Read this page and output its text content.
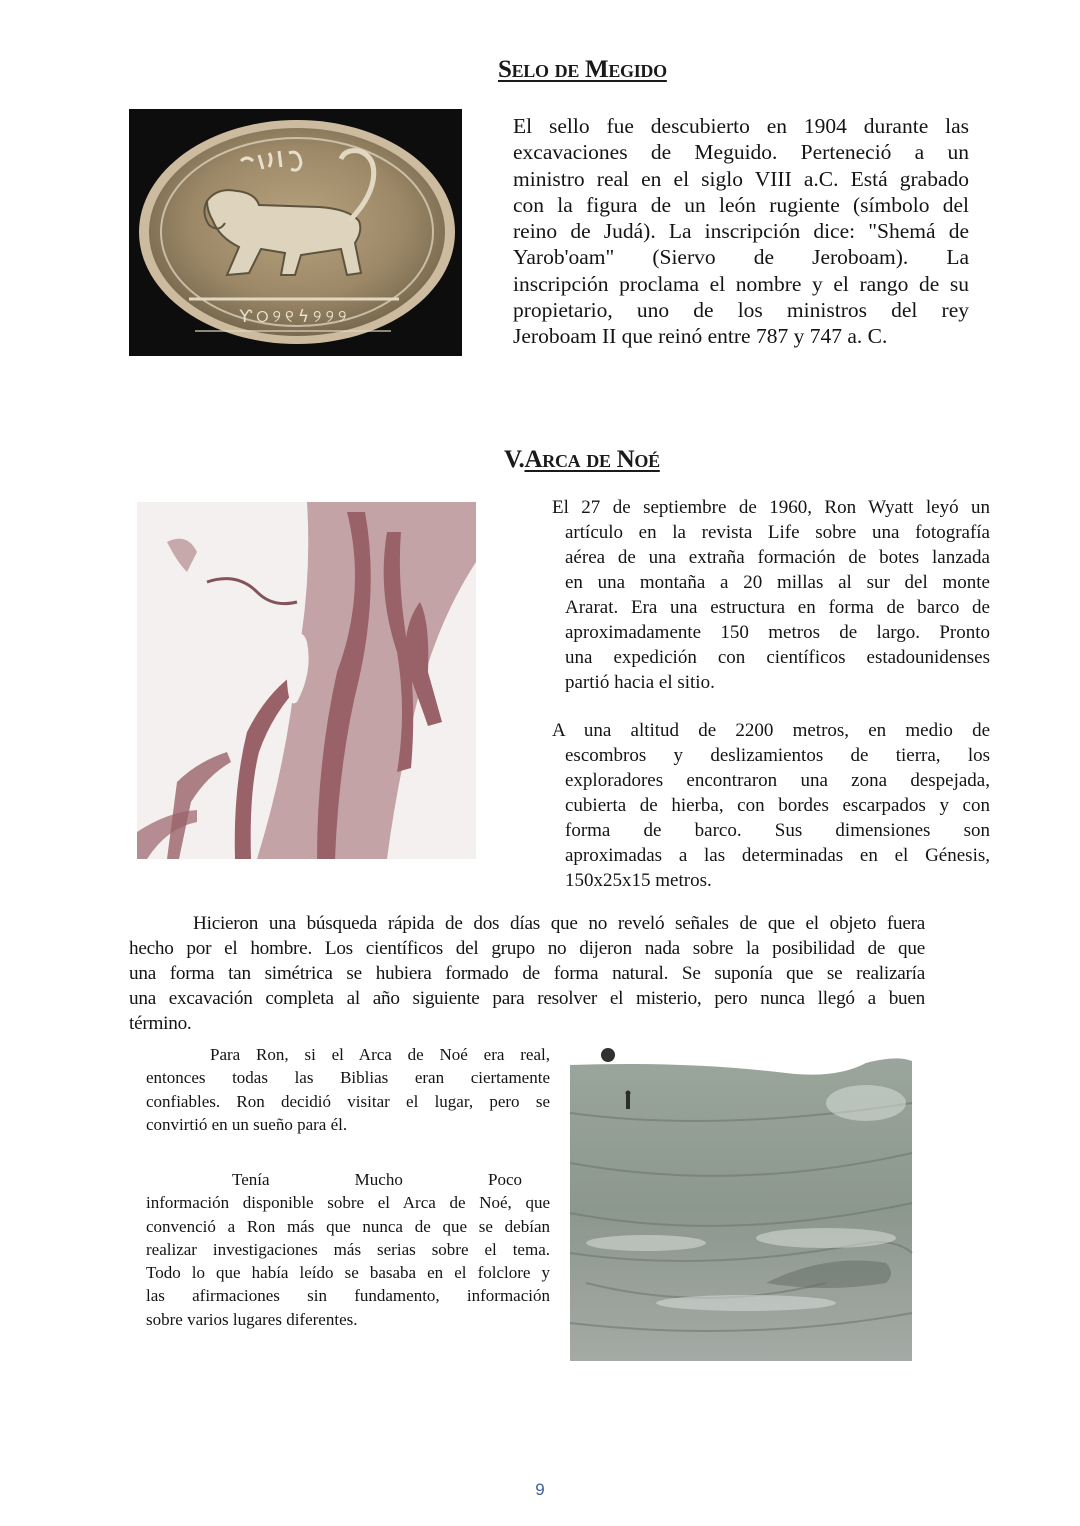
Selo de Megido
Ƴ୦୨୧ϟ୨୨୨
El sello fue descubierto en 1904 durante las
excavaciones de Meguido. Perteneció a un
ministro real en el siglo VIII a.C. Está grabado
con la figura de un león rugiente (símbolo del
reino de Judá). La inscripción dice: "Shemá de
Yarob'oam" (Siervo de Jeroboam). La
inscripción proclama el nombre y el rango de su
propietario, uno de los ministros del rey
Jeroboam II que reinó entre 787 y 747 a. C.
V.Arca de Noé
El 27 de septiembre de 1960, Ron Wyatt leyó un
artículo en la revista Life sobre una fotografía
aérea de una extraña formación de botes lanzada
en una montaña a 20 millas al sur del monte
Ararat. Era una estructura en forma de barco de
aproximadamente 150 metros de largo. Pronto
una expedición con científicos estadounidenses
partió hacia el sitio.
A una altitud de 2200 metros, en medio de
escombros y deslizamientos de tierra, los
exploradores encontraron una zona despejada,
cubierta de hierba, con bordes escarpados y con
forma de barco. Sus dimensiones son
aproximadas a las determinadas en el Génesis,
150x25x15 metros.
Hicieron una búsqueda rápida de dos días que no reveló señales de que el objeto fuera
hecho por el hombre. Los científicos del grupo no dijeron nada sobre la posibilidad de que
una forma tan simétrica se hubiera formado de forma natural. Se suponía que se realizaría
una excavación completa al año siguiente para resolver el misterio, pero nunca llegó a buen
término.
Para Ron, si el Arca de Noé era real,
entonces todas las Biblias eran ciertamente
confiables. Ron decidió visitar el lugar, pero se
convirtió en un sueño para él.
Tenía Mucho Poco
información disponible sobre el Arca de Noé, que
convenció a Ron más que nunca de que se debían
realizar investigaciones más serias sobre el tema.
Todo lo que había leído se basaba en el folclore y
las afirmaciones sin fundamento, información
sobre varios lugares diferentes.
9
